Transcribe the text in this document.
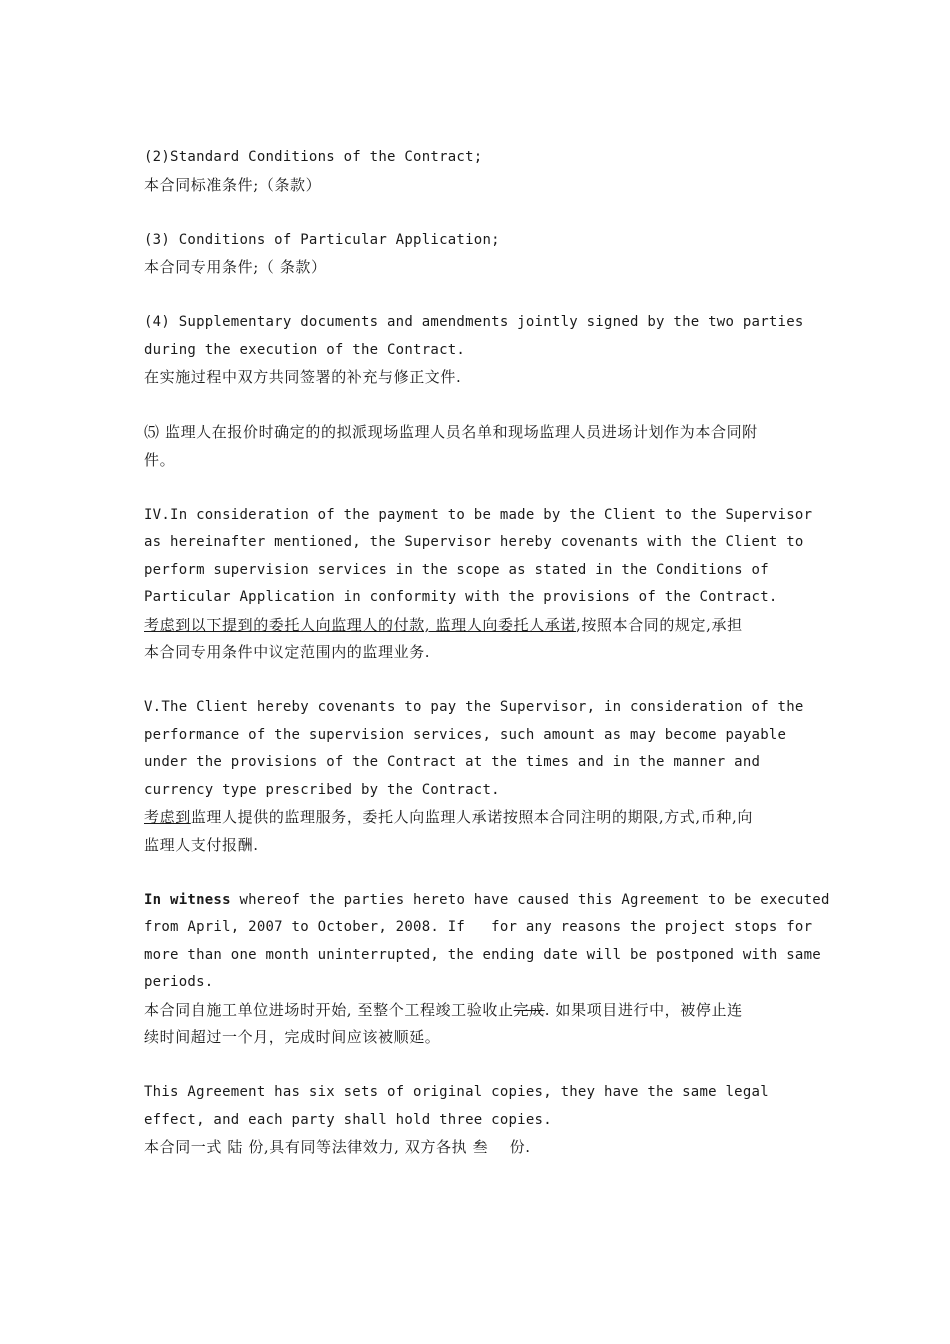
(2)Standard Conditions of the Contract;
本合同标准条件;（条款）
(3) Conditions of Particular Application;
本合同专用条件;（ 条款）
(4) Supplementary documents and amendments jointly signed by the two parties
during the execution of the Contract.
在实施过程中双方共同签署的补充与修正文件.
⑸ 监理人在报价时确定的的拟派现场监理人员名单和现场监理人员进场计划作为本合同附
件。
IV.In consideration of the payment to be made by the Client to the Supervisor
as hereinafter mentioned, the Supervisor hereby covenants with the Client to
perform supervision services in the scope as stated in the Conditions of
Particular Application in conformity with the provisions of the Contract.
考虑到以下提到的委托人向监理人的付款, 监理人向委托人承诺,按照本合同的规定,承担
本合同专用条件中议定范围内的监理业务.
V.The Client hereby covenants to pay the Supervisor, in consideration of the
performance of the supervision services, such amount as may become payable
under the provisions of the Contract at the times and in the manner and
currency type prescribed by the Contract.
考虑到监理人提供的监理服务，委托人向监理人承诺按照本合同注明的期限,方式,币种,向
监理人支付报酬.
In witness whereof the parties hereto have caused this Agreement to be executed
from April, 2007 to October, 2008. If   for any reasons the project stops for
more than one month uninterrupted, the ending date will be postponed with same
periods.
本合同自施工单位进场时开始, 至整个工程竣工验收止完成. 如果项目进行中，被停止连
续时间超过一个月，完成时间应该被顺延。
This Agreement has six sets of original copies, they have the same legal
effect, and each party shall hold three copies.
本合同一式 陆 份,具有同等法律效力, 双方各执 叁    份.
